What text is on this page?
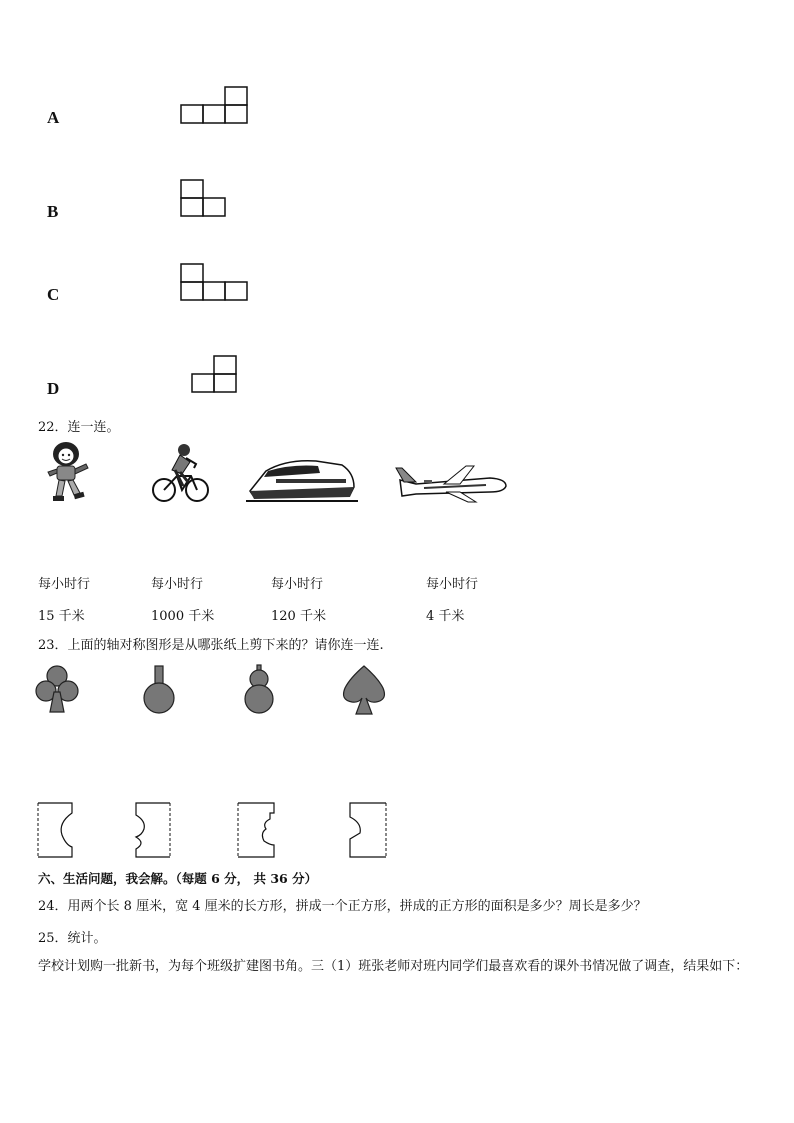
A
B
C
D
22．连一连。
每小时行
15 千米
每小时行
1000 千米
每小时行
120 千米
每小时行
4 千米
23．上面的轴对称图形是从哪张纸上剪下来的？请你连一连.
六、生活问题，我会解。（每题 6 分， 共 36 分）
24．用两个长 8 厘米，宽 4 厘米的长方形，拼成一个正方形，拼成的正方形的面积是多少？周长是多少？
25．统计。
学校计划购一批新书，为每个班级扩建图书角。三（1）班张老师对班内同学们最喜欢看的课外书情况做了调查，结果如下：
